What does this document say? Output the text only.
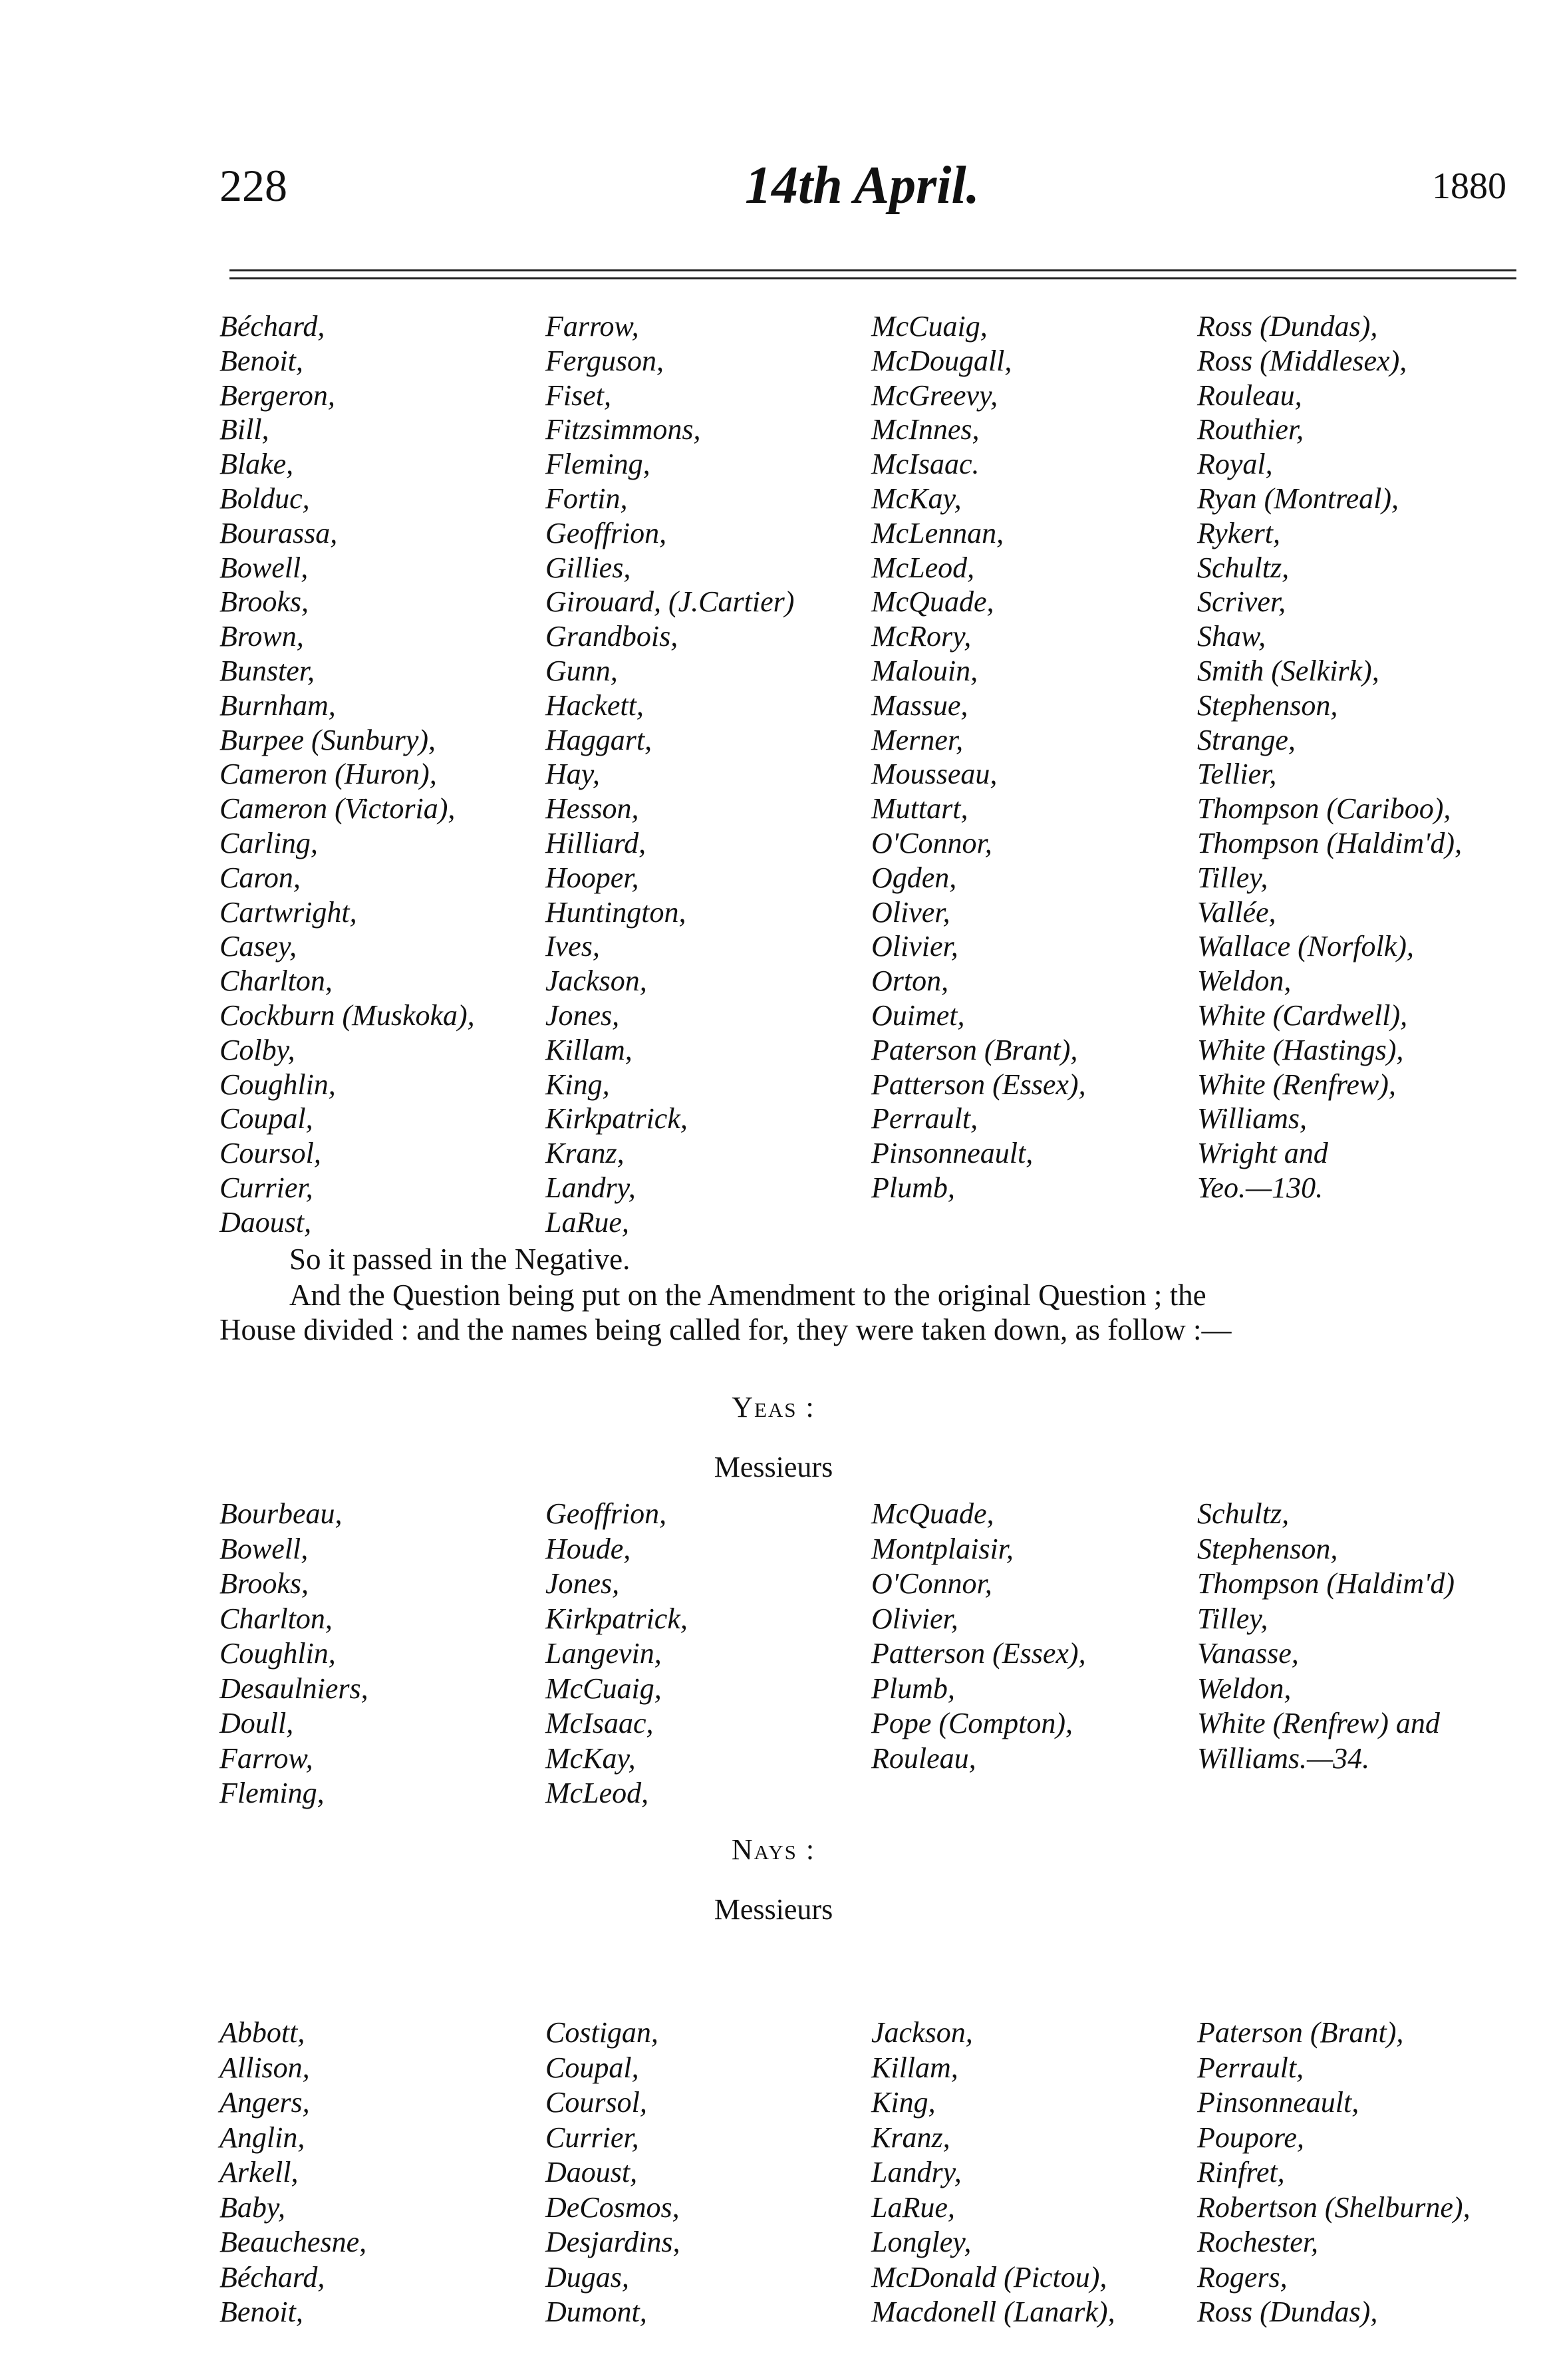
228	14th April.	1880
Béchard,
Benoit,
Bergeron,
Bill,
Blake,
Bolduc,
Bourassa,
Bowell,
Brooks,
Brown,
Bunster,
Burnham,
Burpee (Sunbury),
Cameron (Huron),
Cameron (Victoria),
Carling,
Caron,
Cartwright,
Casey,
Charlton,
Cockburn (Muskoka),
Colby,
Coughlin,
Coupal,
Coursol,
Currier,
Daoust,
Farrow,
Ferguson,
Fiset,
Fitzsimmons,
Fleming,
Fortin,
Geoffrion,
Gillies,
Girouard, (J.Cartier)
Grandbois,
Gunn,
Hackett,
Haggart,
Hay,
Hesson,
Hilliard,
Hooper,
Huntington,
Ives,
Jackson,
Jones,
Killam,
King,
Kirkpatrick,
Kranz,
Landry,
LaRue,
McCuaig,
McDougall,
McGreevy,
McInnes,
McIsaac.
McKay,
McLennan,
McLeod,
McQuade,
McRory,
Malouin,
Massue,
Merner,
Mousseau,
Muttart,
O'Connor,
Ogden,
Oliver,
Olivier,
Orton,
Ouimet,
Paterson (Brant),
Patterson (Essex),
Perrault,
Pinsonneault,
Plumb,
Ross (Dundas),
Ross (Middlesex),
Rouleau,
Routhier,
Royal,
Ryan (Montreal),
Rykert,
Schultz,
Scriver,
Shaw,
Smith (Selkirk),
Stephenson,
Strange,
Tellier,
Thompson (Cariboo),
Thompson (Haldim'd),
Tilley,
Vallée,
Wallace (Norfolk),
Weldon,
White (Cardwell),
White (Hastings),
White (Renfrew),
Williams,
Wright and
Yeo.—130.
So it passed in the Negative.
And the Question being put on the Amendment to the original Question ; the
House divided : and the names being called for, they were taken down, as follow :—
Yeas :
Messieurs
Bourbeau,
Bowell,
Brooks,
Charlton,
Coughlin,
Desaulniers,
Doull,
Farrow,
Fleming,
Geoffrion,
Houde,
Jones,
Kirkpatrick,
Langevin,
McCuaig,
McIsaac,
McKay,
McLeod,
McQuade,
Montplaisir,
O'Connor,
Olivier,
Patterson (Essex),
Plumb,
Pope (Compton),
Rouleau,
Schultz,
Stephenson,
Thompson (Haldim'd)
Tilley,
Vanasse,
Weldon,
White (Renfrew) and
Williams.—34.
Nays :
Messieurs
Abbott,
Allison,
Angers,
Anglin,
Arkell,
Baby,
Beauchesne,
Béchard,
Benoit,
Costigan,
Coupal,
Coursol,
Currier,
Daoust,
DeCosmos,
Desjardins,
Dugas,
Dumont,
Jackson,
Killam,
King,
Kranz,
Landry,
LaRue,
Longley,
McDonald (Pictou),
Macdonell (Lanark),
Paterson (Brant),
Perrault,
Pinsonneault,
Poupore,
Rinfret,
Robertson (Shelburne),
Rochester,
Rogers,
Ross (Dundas),
